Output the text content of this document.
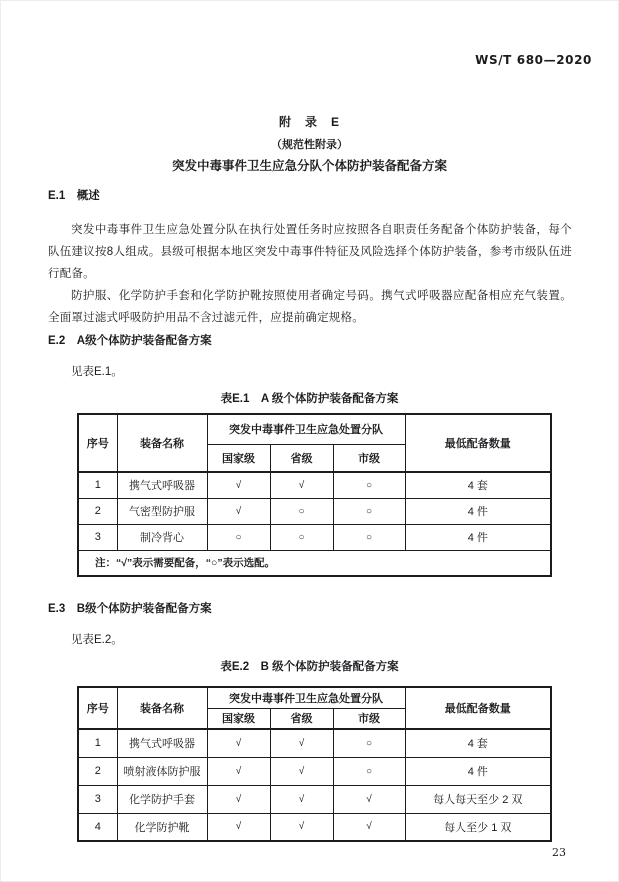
WS/T 680—2020

附　录　E

（规范性附录）

突发中毒事件卫生应急分队个体防护装备配备方案

E.1　概述

突发中毒事件卫生应急处置分队在执行处置任务时应按照各自职责任务配备个体防护装备，每个队伍建议按8人组成。县级可根据本地区突发中毒事件特征及风险选择个体防护装备，参考市级队伍进行配备。

防护服、化学防护手套和化学防护靴按照使用者确定号码。携气式呼吸器应配备相应充气装置。全面罩过滤式呼吸防护用品不含过滤元件，应提前确定规格。

E.2　A级个体防护装备配备方案
见表E.1。
表E.1　A 级个体防护装备配备方案
序号	装备名称	突发中毒事件卫生应急处置分队			最低配备数量
		国家级	省级	市级	
1	携气式呼吸器	√	√	○	4 套
2	气密型防护服	√	○	○	4 件
3	制冷背心	○	○	○	4 件
注：“√”表示需要配备，“○”表示选配。					
E.3　B级个体防护装备配备方案
见表E.2。
表E.2　B 级个体防护装备配备方案
序号	装备名称	突发中毒事件卫生应急处置分队			最低配备数量
		国家级	省级	市级	
1	携气式呼吸器	√	√	○	4 套
2	喷射液体防护服	√	√	○	4 件
3	化学防护手套	√	√	√	每人每天至少 2 双
4	化学防护靴	√	√	√	每人至少 1 双
23
